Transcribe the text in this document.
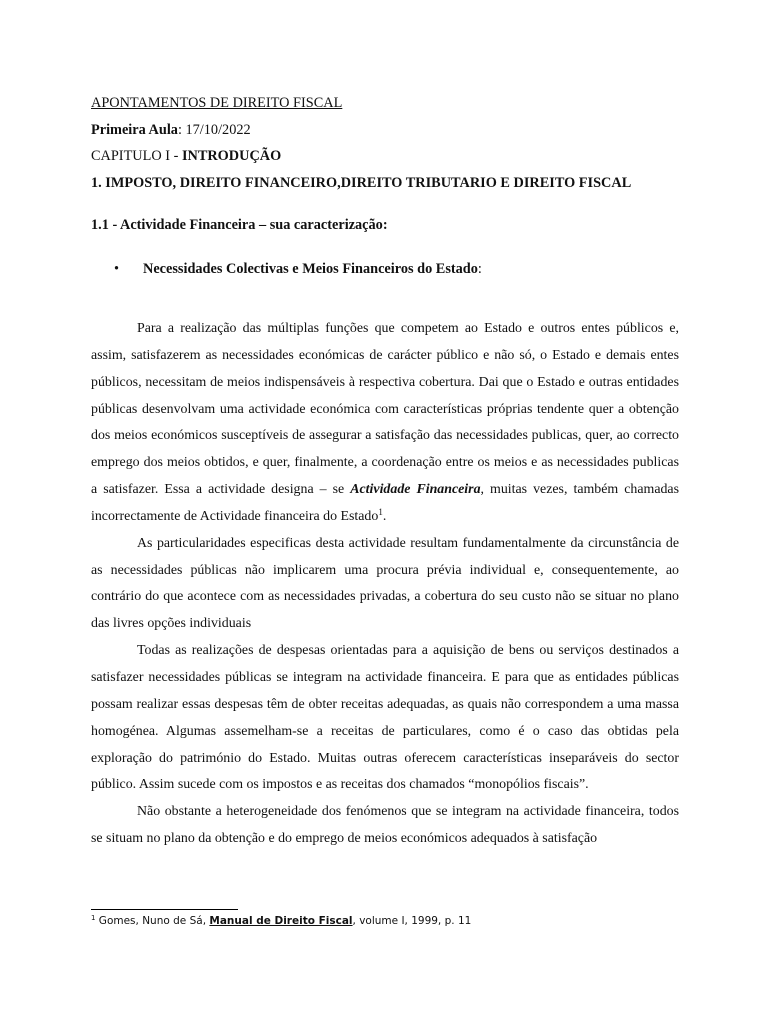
APONTAMENTOS DE DIREITO FISCAL
Primeira Aula: 17/10/2022
CAPITULO I - INTRODUÇÃO
1. IMPOSTO, DIREITO FINANCEIRO,DIREITO TRIBUTARIO E DIREITO FISCAL
1.1 - Actividade Financeira – sua caracterização:
• Necessidades Colectivas e Meios Financeiros do Estado:

Para a realização das múltiplas funções que competem ao Estado e outros entes públicos e, assim, satisfazerem as necessidades económicas de carácter público e não só, o Estado e demais entes públicos, necessitam de meios indispensáveis à respectiva cobertura. Dai que o Estado e outras entidades públicas desenvolvam uma actividade económica com características próprias tendente quer a obtenção dos meios económicos susceptíveis de assegurar a satisfação das necessidades publicas, quer, ao correcto emprego dos meios obtidos, e quer, finalmente, a coordenação entre os meios e as necessidades publicas a satisfazer. Essa a actividade designa – se Actividade Financeira, muitas vezes, também chamadas incorrectamente de Actividade financeira do Estado$^1$.

As particularidades especificas desta actividade resultam fundamentalmente da circunstância de as necessidades públicas não implicarem uma procura prévia individual e, consequentemente, ao contrário do que acontece com as necessidades privadas, a cobertura do seu custo não se situar no plano das livres opções individuais

Todas as realizações de despesas orientadas para a aquisição de bens ou serviços destinados a satisfazer necessidades públicas se integram na actividade financeira. E para que as entidades públicas possam realizar essas despesas têm de obter receitas adequadas, as quais não correspondem a uma massa homogénea. Algumas assemelham-se a receitas de particulares, como é o caso das obtidas pela exploração do património do Estado. Muitas outras oferecem características inseparáveis do sector público. Assim sucede com os impostos e as receitas dos chamados “monopólios fiscais”.

Não obstante a heterogeneidade dos fenómenos que se integram na actividade financeira, todos se situam no plano da obtenção e do emprego de meios económicos adequados à satisfação

$^1$ Gomes, Nuno de Sá, Manual de Direito Fiscal, volume I, 1999, p. 11
